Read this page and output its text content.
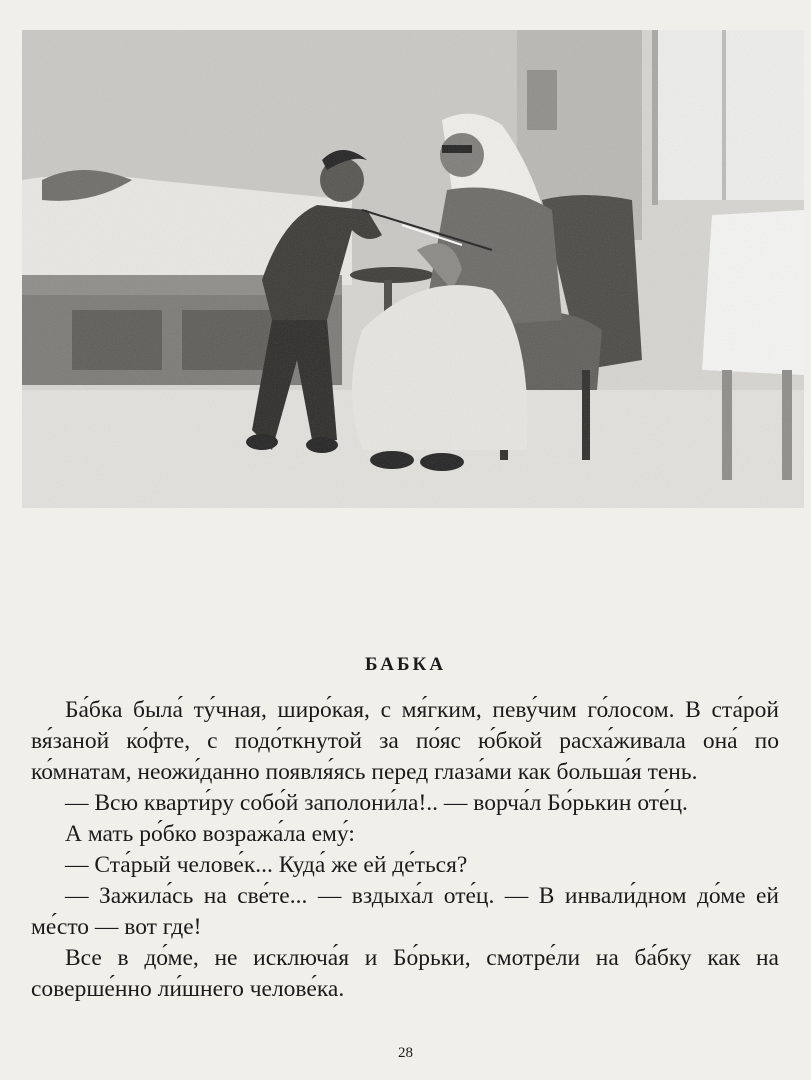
БАБКА

Ба́бка была́ ту́чная, широ́кая, с мя́гким, певу́чим го́лосом. В ста́рой вя́заной ко́фте, с подо́ткнутой за по́яс ю́бкой расха́живала она́ по ко́мнатам, неожи́данно появля́ясь перед глаза́ми как больша́я тень.

— Всю кварти́ру собо́й заполони́ла!.. — ворча́л Бо́рькин оте́ц.

А мать ро́бко возража́ла ему́:

— Ста́рый челове́к... Куда́ же ей де́ться?

— Зажила́сь на све́те... — вздыха́л оте́ц. — В инвали́дном до́ме ей ме́сто — вот где!

Все в до́ме, не исключа́я и Бо́рьки, смотре́ли на ба́бку как на соверше́нно ли́шнего челове́ка.

28
